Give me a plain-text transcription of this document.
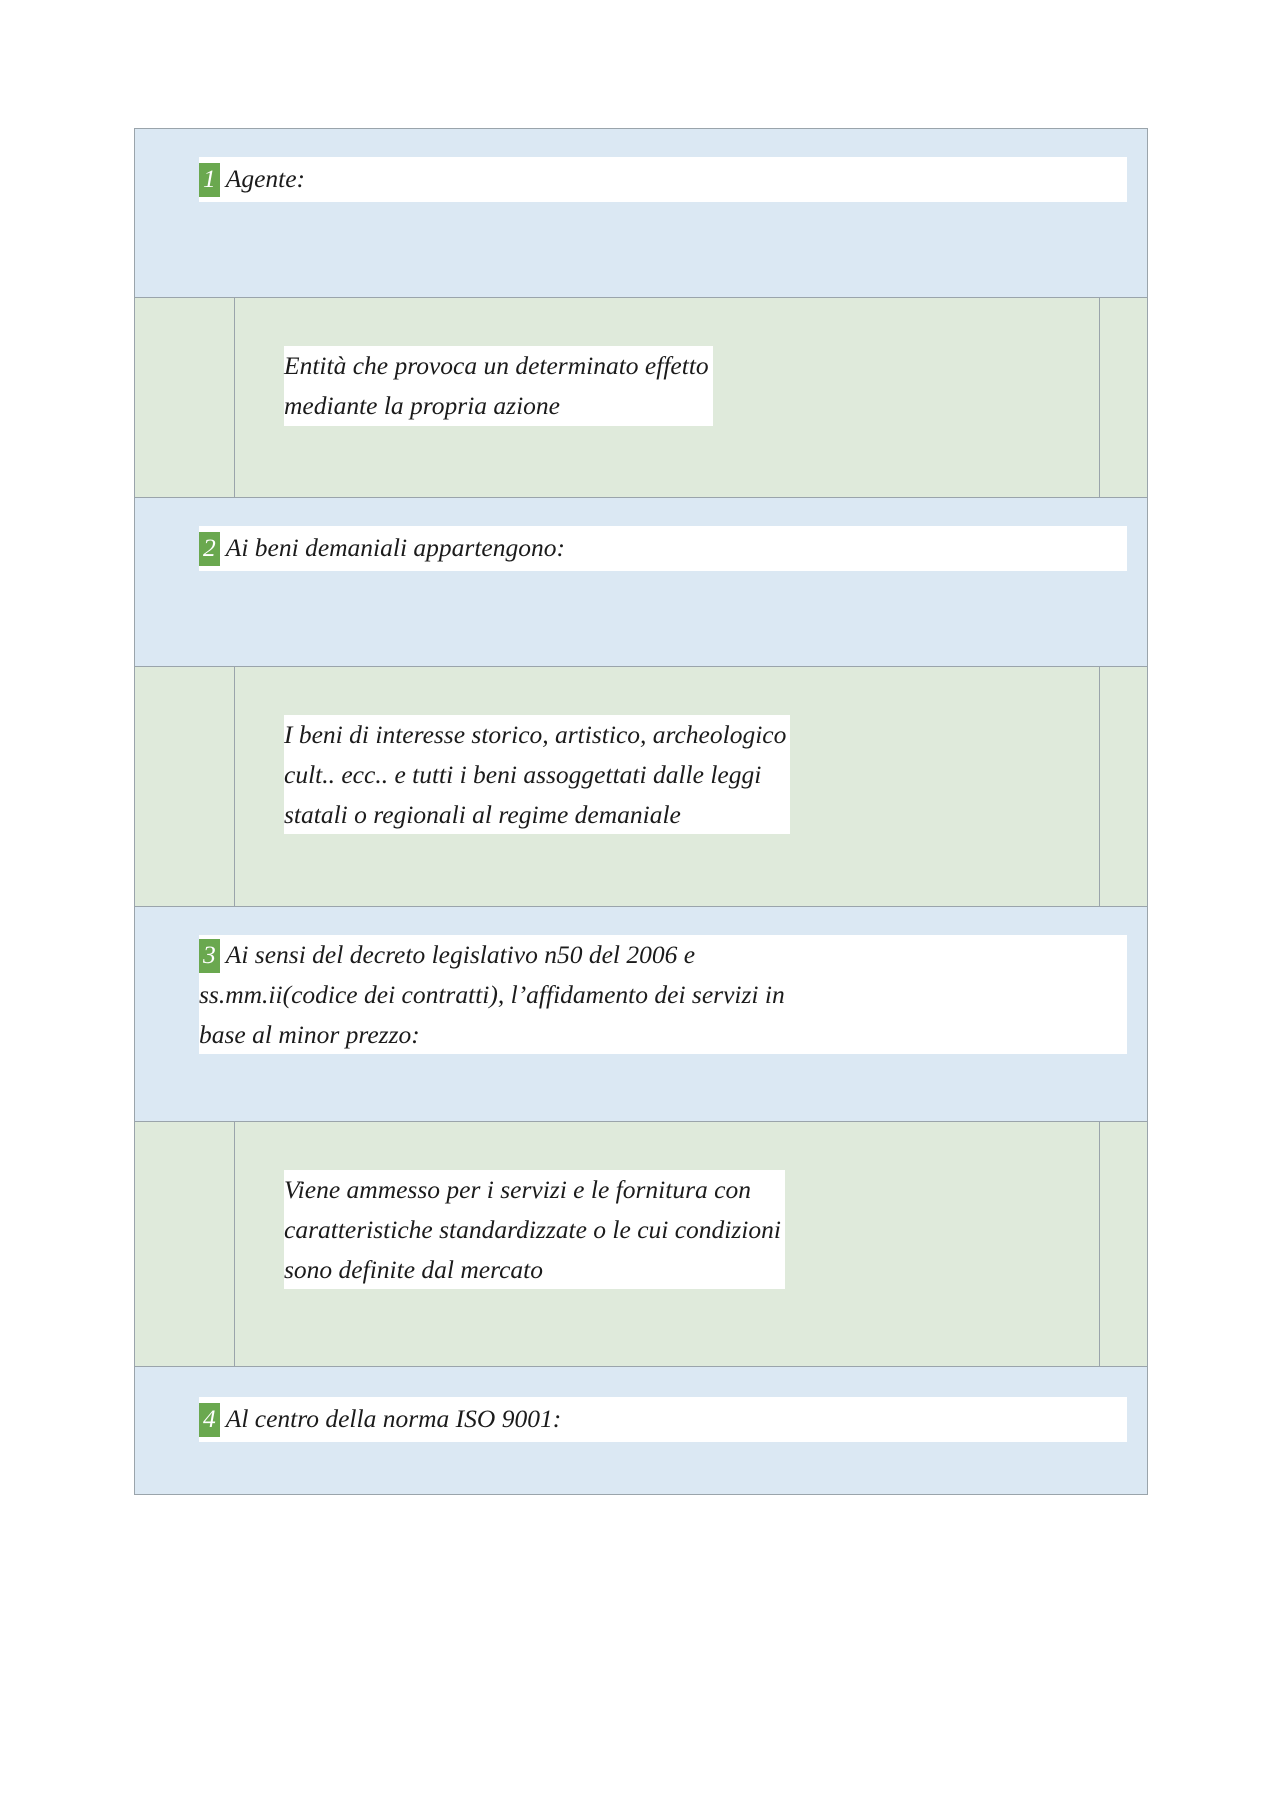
1 Agente:
Entità che provoca un determinato effetto
mediante la propria azione
2 Ai beni demaniali appartengono:
I beni di interesse storico, artistico, archeologico
cult.. ecc.. e tutti i beni assoggettati dalle leggi
statali o regionali al regime demaniale
3 Ai sensi del decreto legislativo n50 del 2006 e
ss.mm.ii(codice dei contratti), l’affidamento dei servizi in
base al minor prezzo:
Viene ammesso per i servizi e le fornitura con
caratteristiche standardizzate o le cui condizioni
sono definite dal mercato
4 Al centro della norma ISO 9001:
